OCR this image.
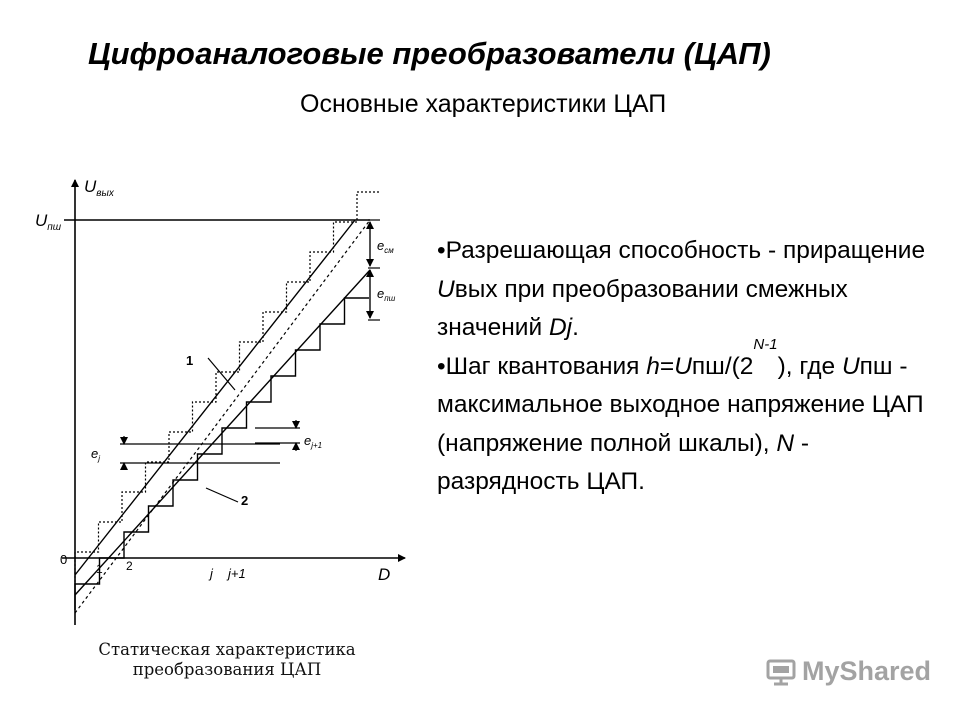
Цифроаналоговые преобразователи (ЦАП)
Основные характеристики ЦАП
$U_{вых}$
$U_{пш}$
0
D
1 2	j j+1
1
2
$e_{см}$
$e_{пш}$
$e_j$
$e_{j+1}$
Статическая характеристика
преобразования ЦАП

•Разрешающая способность - приращение Uвых при преобразовании смежных значений Dj.

•Шаг квантования $h=Uпш/(2^{N-1})$, где Uпш - максимальное выходное напряжение ЦАП (напряжение полной шкалы), N - разрядность ЦАП.

MyShared
